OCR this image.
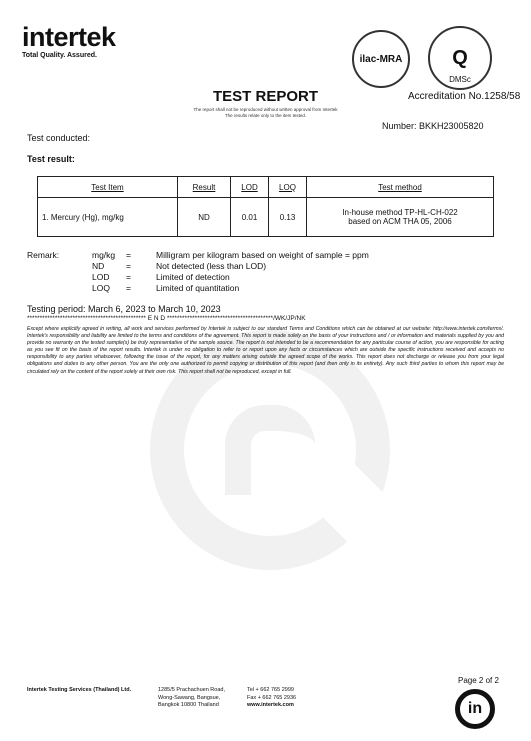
intertek
Total Quality. Assured.	ilac-MRA Q
DMSc
TEST REPORT	Accreditation No.1258/58
The report shall not be reproduced without written approval from Intertek
The results relate only to the item tested.
Number: BKKH23005820
Test conducted:
Test result:
Test Item	Result	LOD	LOQ	Test method
1. Mercury (Hg), mg/kg	ND	0.01	0.13	In-house method TP-HL-CH-022
based on ACM THA 05, 2006
Remark:	mg/kg	=	Milligram per kilogram based on weight of sample = ppm
ND	=	Not detected (less than LOD)
LOD	=	Limited of detection
LOQ	=	Limited of quantitation
Testing period: March 6, 2023 to March 10, 2023
*********************************************** E N D ******************************************/WK/JP/NK
Except where explicitly agreed in writing, all work and services performed by Intertek is subject to our standard Terms and Conditions which can be obtained at our website: http://www.intertek.com/terms/. Intertek's responsibility and liability are limited to the terms and conditions of the agreement. This report is made solely on the basis of your instructions and / or information and materials supplied by you and provide no warranty on the tested sample(s) be truly representative of the sample source. The report is not intended to be a recommendation for any particular course of action, you are responsible for acting as you see fit on the basis of the report results. Intertek is under no obligation to refer to or report upon any facts or circumstances which are outside the specific instructions received and accepts no responsibility to any parties whatsoever, following the issue of the report, for any matters arising outside the agreed scope of the works. This report does not discharge or release you from your legal obligations and duties to any other person. You are the only one authorized to permit copying or distribution of this report (and then only in its entirety). Any such third parties to whom this report may be circulated rely on the content of the report solely at their own risk. This report shall not be reproduced, except in full.
Intertek Testing Services (Thailand) Ltd.	1285/5 Prachachuen Road,
Wong-Sawang, Bangsue,
Bangkok 10800 Thailand
Tel + 662 765 2999
Fax + 662 765 2936
www.intertek.com
Page 2 of 2
in
